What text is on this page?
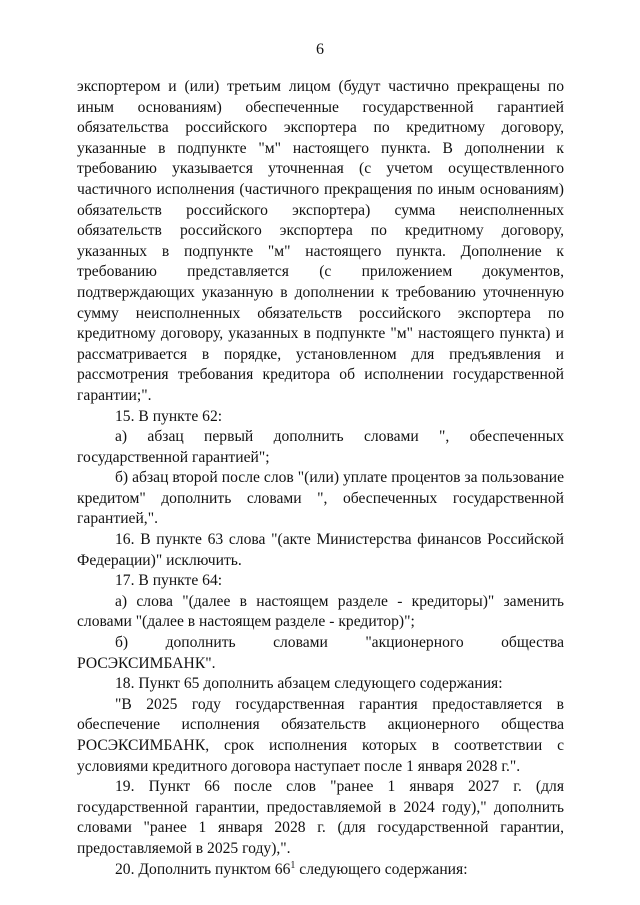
6

экспортером и (или) третьим лицом (будут частично прекращены по иным основаниям) обеспеченные государственной гарантией обязательства российского экспортера по кредитному договору, указанные в подпункте "м" настоящего пункта. В дополнении к требованию указывается уточненная (с учетом осуществленного частичного исполнения (частичного прекращения по иным основаниям) обязательств российского экспортера) сумма неисполненных обязательств российского экспортера по кредитному договору, указанных в подпункте "м" настоящего пункта. Дополнение к требованию представляется (с приложением документов, подтверждающих указанную в дополнении к требованию уточненную сумму неисполненных обязательств российского экспортера по кредитному договору, указанных в подпункте "м" настоящего пункта) и рассматривается в порядке, установленном для предъявления и рассмотрения требования кредитора об исполнении государственной гарантии;".

15. В пункте 62:

а) абзац первый дополнить словами ", обеспеченных государственной гарантией";

б) абзац второй после слов "(или) уплате процентов за пользование кредитом" дополнить словами ", обеспеченных государственной гарантией,".

16. В пункте 63 слова "(акте Министерства финансов Российской Федерации)" исключить.

17. В пункте 64:

а) слова "(далее в настоящем разделе - кредиторы)" заменить словами "(далее в настоящем разделе - кредитор)";

б) дополнить словами "акционерного общества РОСЭКСИМБАНК".

18. Пункт 65 дополнить абзацем следующего содержания:

"В 2025 году государственная гарантия предоставляется в обеспечение исполнения обязательств акционерного общества РОСЭКСИМБАНК, срок исполнения которых в соответствии с условиями кредитного договора наступает после 1 января 2028 г.".

19. Пункт 66 после слов "ранее 1 января 2027 г. (для государственной гарантии, предоставляемой в 2024 году)," дополнить словами "ранее 1 января 2028 г. (для государственной гарантии, предоставляемой в 2025 году),".

20. Дополнить пунктом $66^1$ следующего содержания:
